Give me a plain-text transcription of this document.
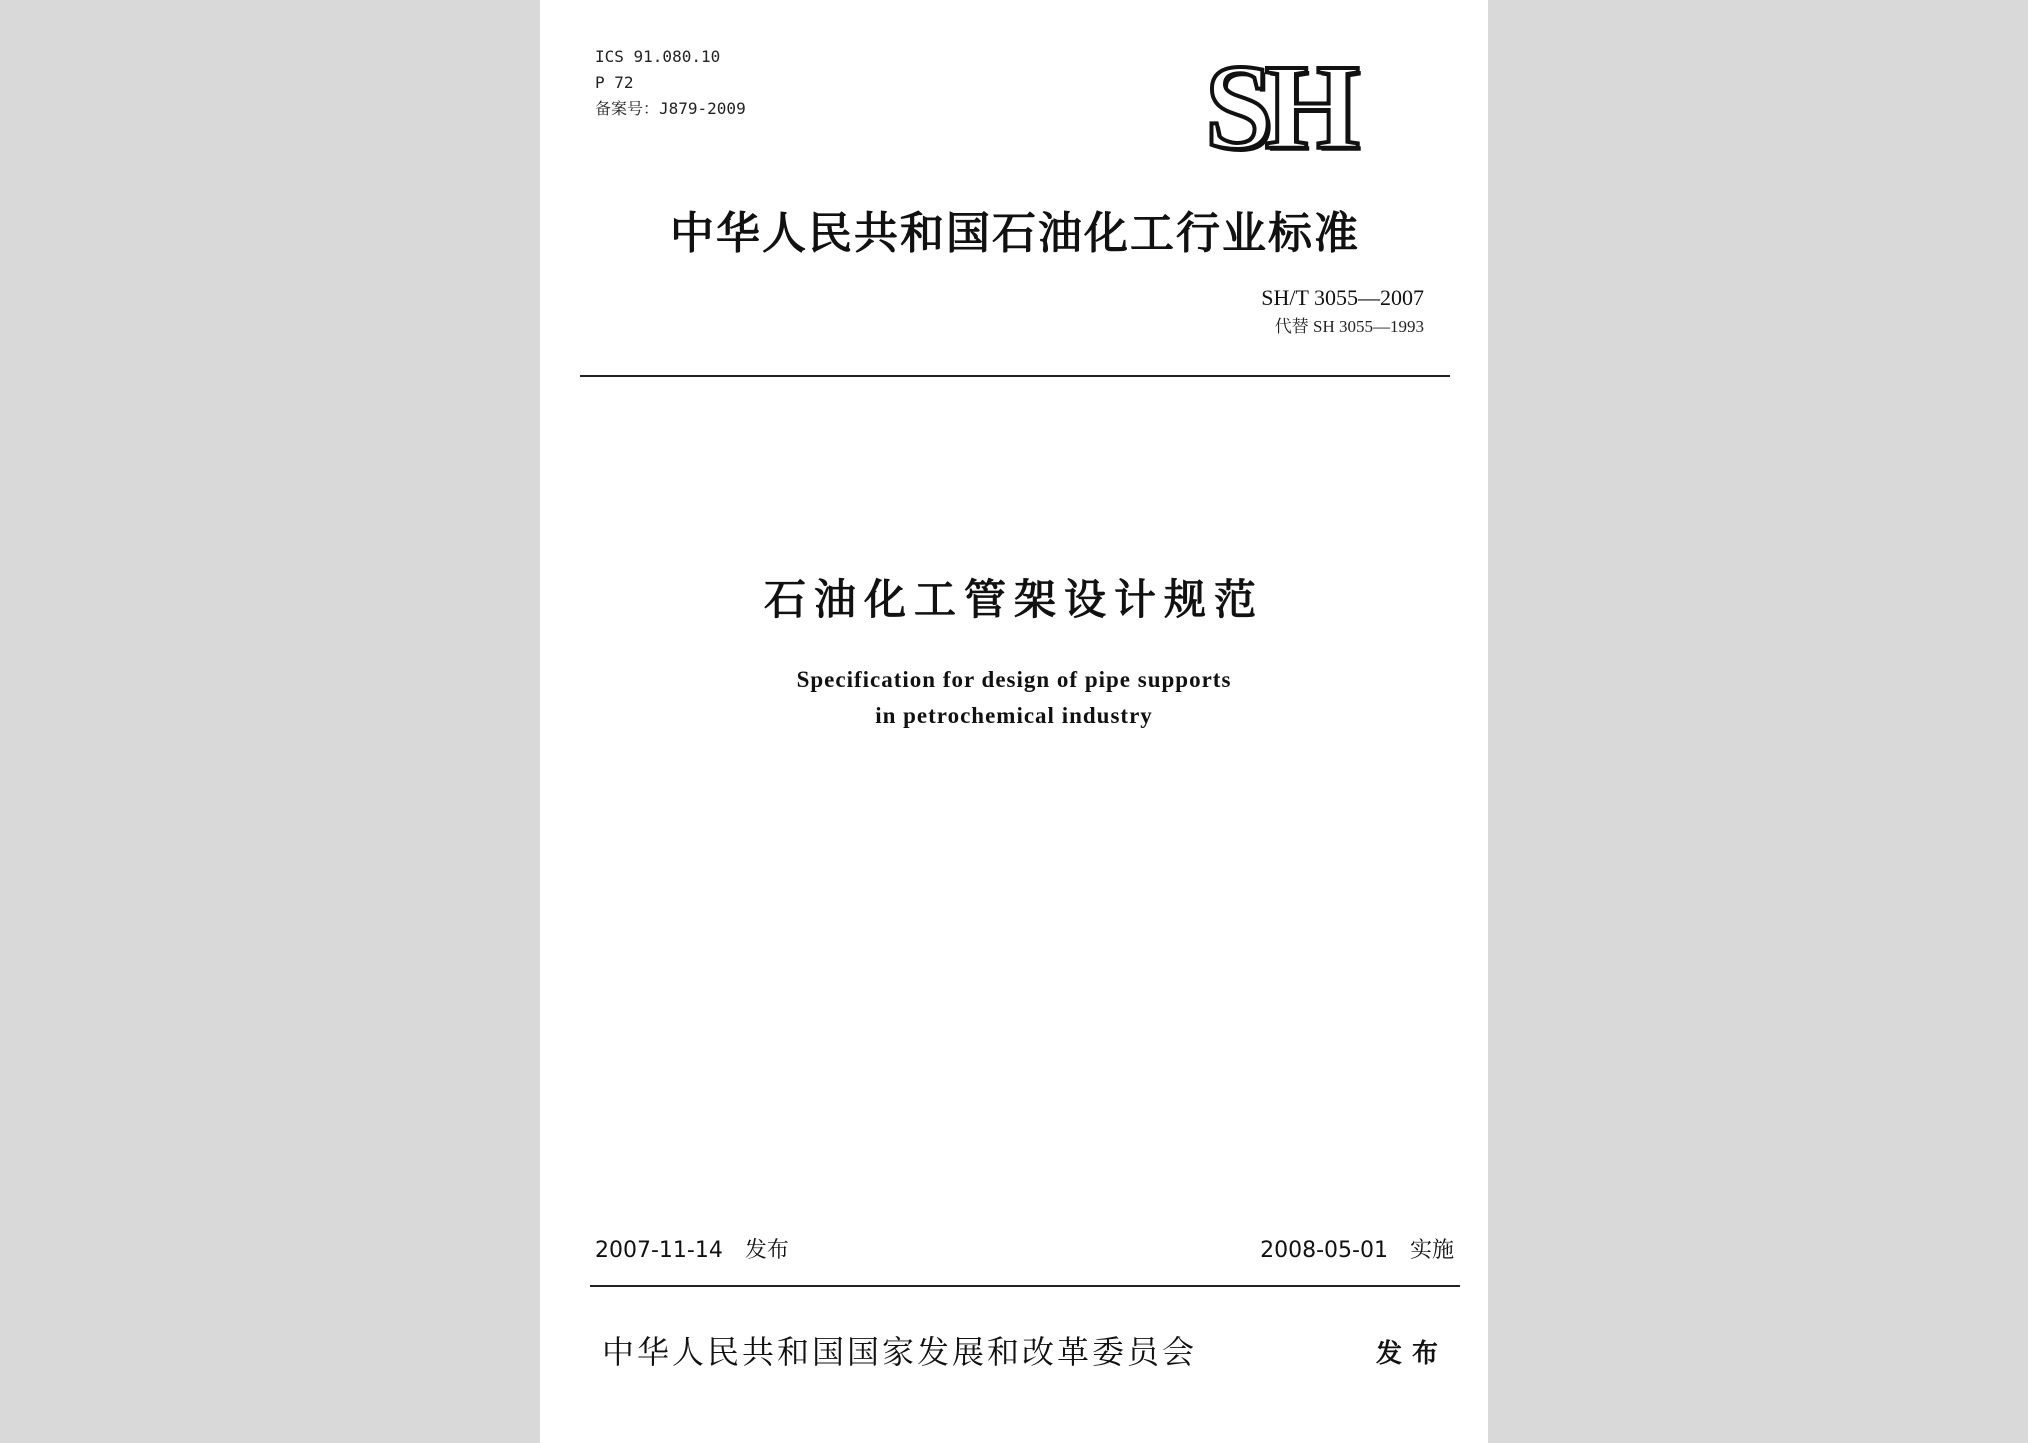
ICS 91.080.10
P 72
备案号：J879-2009	SH
中华人民共和国石油化工行业标准
SH/T 3055—2007
代替 SH 3055—1993
石油化工管架设计规范
Specification for design of pipe supports
in petrochemical industry
2007-11-14 发布	2008-05-01 实施
中华人民共和国国家发展和改革委员会	发布
